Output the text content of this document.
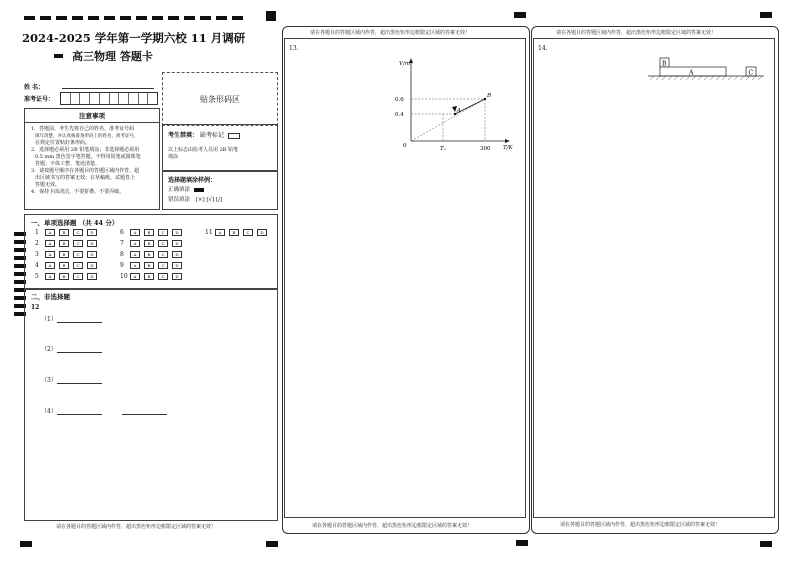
2024-2025 学年第一学期六校 11 月调研
高三物理 答题卡
姓 名：
准考证号：	贴条形码区
注意事项
1．答题前，考生先将自己的姓名、准考证号码
填写清楚，并认真核准条形码上的姓名、准考证号，
在规定位置贴好条形码。
2．选择题必须用 2B 铅笔填涂；非选择题必须用
0.5 mm 黑色签字笔答题，不得用铅笔或圆珠笔
答题；字体工整、笔迹清楚。
3．请按题号顺序在各题目的答题区域内作答，超
出区域书写的答案无效；在草稿纸、试题卷上
答题无效。
4．保持卡面清洁，不要折叠、不要弄破。
考生禁填： 缺考标记
以上标志由监考人员用 2B 铅笔
填涂
选择题填涂样例：
正确填涂
错误填涂 [×] [√] [/]
一、单项选择题 （共 44 分）
1 A	B	C	D
2 A	B	C	D
3 A	B	C	D
4 A	B	C	D
5 A	B	C	D
6 A	B	C	D
7 A	B	C	D
8 A	B	C	D
9 A	B	C	D
10 A	B	C	D
11 A	B	C	D
二、非选择题
12
（1）
（2）
（3）
（4）
请在各题目的答题区域内作答，超出黑色矩形边框限定区域的答案无效！
请在各题目的答题区域内作答，超出黑色矩形边框限定区域的答案无效！
13.
V/m³
T/K
0
0.6
0.4
Tₐ	300
A
B
请在各题目的答题区域内作答，超出黑色矩形边框限定区域的答案无效！
请在各题目的答题区域内作答，超出黑色矩形边框限定区域的答案无效！
14.
B
A	C
请在各题目的答题区域内作答，超出黑色矩形边框限定区域的答案无效！
